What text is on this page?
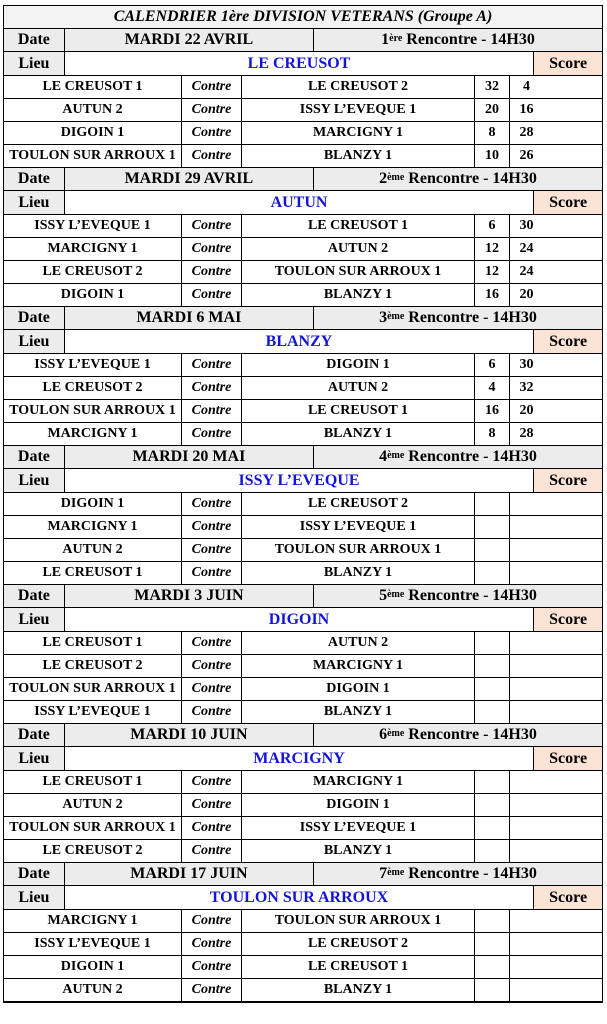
CALENDRIER 1ère DIVISION VETERANS (Groupe A)
Date	MARDI 22 AVRIL	1ère Rencontre - 14H30
Lieu	LE CREUSOT	Score
LE CREUSOT 1	Contre	LE CREUSOT 2	32	4
AUTUN 2	Contre	ISSY L’EVEQUE 1	20	16
DIGOIN 1	Contre	MARCIGNY 1	8	28
TOULON SUR ARROUX 1	Contre	BLANZY 1	10	26
Date	MARDI 29 AVRIL	2ème Rencontre - 14H30
Lieu	AUTUN	Score
ISSY L’EVEQUE 1	Contre	LE CREUSOT 1	6	30
MARCIGNY 1	Contre	AUTUN 2	12	24
LE CREUSOT 2	Contre	TOULON SUR ARROUX 1	12	24
DIGOIN 1	Contre	BLANZY 1	16	20
Date	MARDI 6 MAI	3ème Rencontre - 14H30
Lieu	BLANZY	Score
ISSY L’EVEQUE 1	Contre	DIGOIN 1	6	30
LE CREUSOT 2	Contre	AUTUN 2	4	32
TOULON SUR ARROUX 1	Contre	LE CREUSOT 1	16	20
MARCIGNY 1	Contre	BLANZY 1	8	28
Date	MARDI 20 MAI	4ème Rencontre - 14H30
Lieu	ISSY L’EVEQUE	Score
DIGOIN 1	Contre	LE CREUSOT 2
MARCIGNY 1	Contre	ISSY L’EVEQUE 1
AUTUN 2	Contre	TOULON SUR ARROUX 1
LE CREUSOT 1	Contre	BLANZY 1
Date	MARDI 3 JUIN	5ème Rencontre - 14H30
Lieu	DIGOIN	Score
LE CREUSOT 1	Contre	AUTUN 2
LE CREUSOT 2	Contre	MARCIGNY 1
TOULON SUR ARROUX 1	Contre	DIGOIN 1
ISSY L’EVEQUE 1	Contre	BLANZY 1
Date	MARDI 10 JUIN	6ème Rencontre - 14H30
Lieu	MARCIGNY	Score
LE CREUSOT 1	Contre	MARCIGNY 1
AUTUN 2	Contre	DIGOIN 1
TOULON SUR ARROUX 1	Contre	ISSY L’EVEQUE 1
LE CREUSOT 2	Contre	BLANZY 1
Date	MARDI 17 JUIN	7ème Rencontre - 14H30
Lieu	TOULON SUR ARROUX	Score
MARCIGNY 1	Contre	TOULON SUR ARROUX 1
ISSY L’EVEQUE 1	Contre	LE CREUSOT 2
DIGOIN 1	Contre	LE CREUSOT 1
AUTUN 2	Contre	BLANZY 1
